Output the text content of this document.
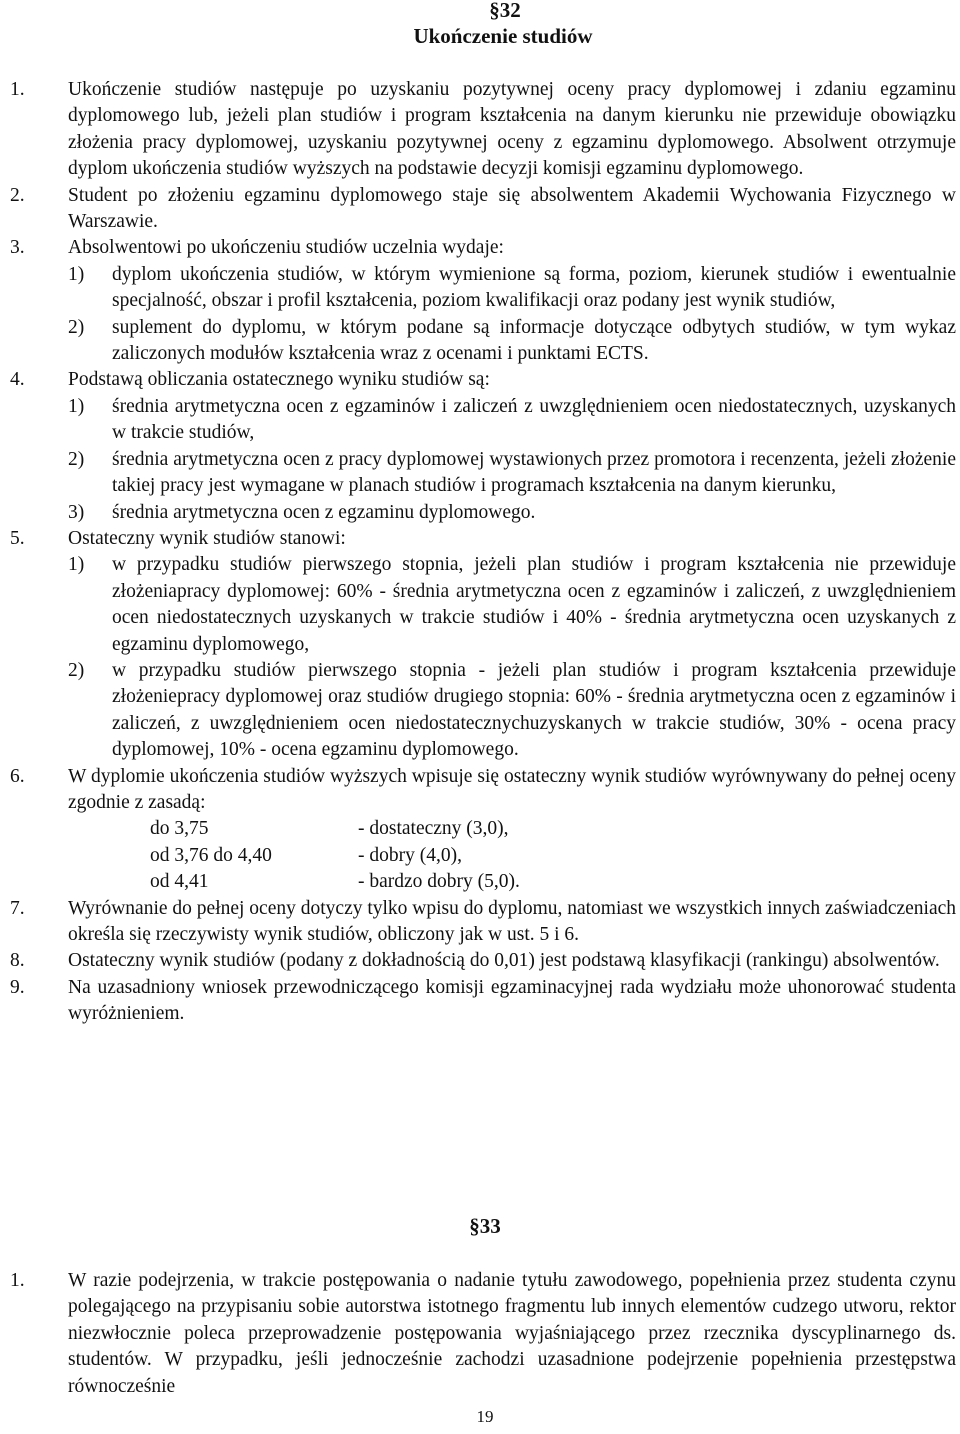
§32

Ukończenie studiów

1.	Ukończenie studiów następuje po uzyskaniu pozytywnej oceny pracy dyplomowej i zdaniu egzaminu dyplomowego lub, jeżeli plan studiów i program kształcenia na danym kierunku nie przewiduje obowiązku złożenia pracy dyplomowej, uzyskaniu pozytywnej oceny z egzaminu dyplomowego. Absolwent otrzymuje dyplom ukończenia studiów wyższych na podstawie decyzji komisji egzaminu dyplomowego.
2.	Student po złożeniu egzaminu dyplomowego staje się absolwentem Akademii Wychowania Fizycznego w Warszawie.
3.	Absolwentowi po ukończeniu studiów uczelnia wydaje:
1)	dyplom ukończenia studiów, w którym wymienione są forma, poziom, kierunek studiów i ewentualnie specjalność, obszar i profil kształcenia, poziom kwalifikacji oraz podany jest wynik studiów,
2)	suplement do dyplomu, w którym podane są informacje dotyczące odbytych studiów, w tym wykaz zaliczonych modułów kształcenia wraz z ocenami i punktami ECTS.
4.	Podstawą obliczania ostatecznego wyniku studiów są:
1)	średnia arytmetyczna ocen z egzaminów i zaliczeń z uwzględnieniem ocen niedostatecznych, uzyskanych w trakcie studiów,
2)	średnia arytmetyczna ocen z pracy dyplomowej wystawionych przez promotora i recenzenta, jeżeli złożenie takiej pracy jest wymagane w planach studiów i programach kształcenia na danym kierunku,
3)	średnia arytmetyczna ocen z egzaminu dyplomowego.
5.	Ostateczny wynik studiów stanowi:
1)	w przypadku studiów pierwszego stopnia, jeżeli plan studiów i program kształcenia nie przewiduje złożeniapracy dyplomowej: 60% - średnia arytmetyczna ocen z egzaminów i zaliczeń, z uwzględnieniem ocen niedostatecznych uzyskanych w trakcie studiów i 40% - średnia arytmetyczna ocen uzyskanych z egzaminu dyplomowego,
2)	w przypadku studiów pierwszego stopnia - jeżeli plan studiów i program kształcenia przewiduje złożeniepracy dyplomowej oraz studiów drugiego stopnia: 60% - średnia arytmetyczna ocen z egzaminów i zaliczeń, z uwzględnieniem ocen niedostatecznychuzyskanych w trakcie studiów, 30% - ocena pracy dyplomowej, 10% - ocena egzaminu dyplomowego.
6.	W dyplomie ukończenia studiów wyższych wpisuje się ostateczny wynik studiów wyrównywany do pełnej oceny zgodnie z zasadą:
do 3,75	- dostateczny (3,0),
od 3,76 do 4,40	- dobry (4,0),
od 4,41	- bardzo dobry (5,0).
7.	Wyrównanie do pełnej oceny dotyczy tylko wpisu do dyplomu, natomiast we wszystkich innych zaświadczeniach określa się rzeczywisty wynik studiów, obliczony jak w ust. 5 i 6.
8.	Ostateczny wynik studiów (podany z dokładnością do 0,01) jest podstawą klasyfikacji (rankingu) absolwentów.
9.	Na uzasadniony wniosek przewodniczącego komisji egzaminacyjnej rada wydziału może uhonorować studenta wyróżnieniem.

§33

1.	W razie podejrzenia, w trakcie postępowania o nadanie tytułu zawodowego, popełnienia przez studenta czynu polegającego na przypisaniu sobie autorstwa istotnego fragmentu lub innych elementów cudzego utworu, rektor niezwłocznie poleca przeprowadzenie postępowania wyjaśniającego przez rzecznika dyscyplinarnego ds. studentów. W przypadku, jeśli jednocześnie zachodzi uzasadnione podejrzenie popełnienia przestępstwa równocześnie
19
